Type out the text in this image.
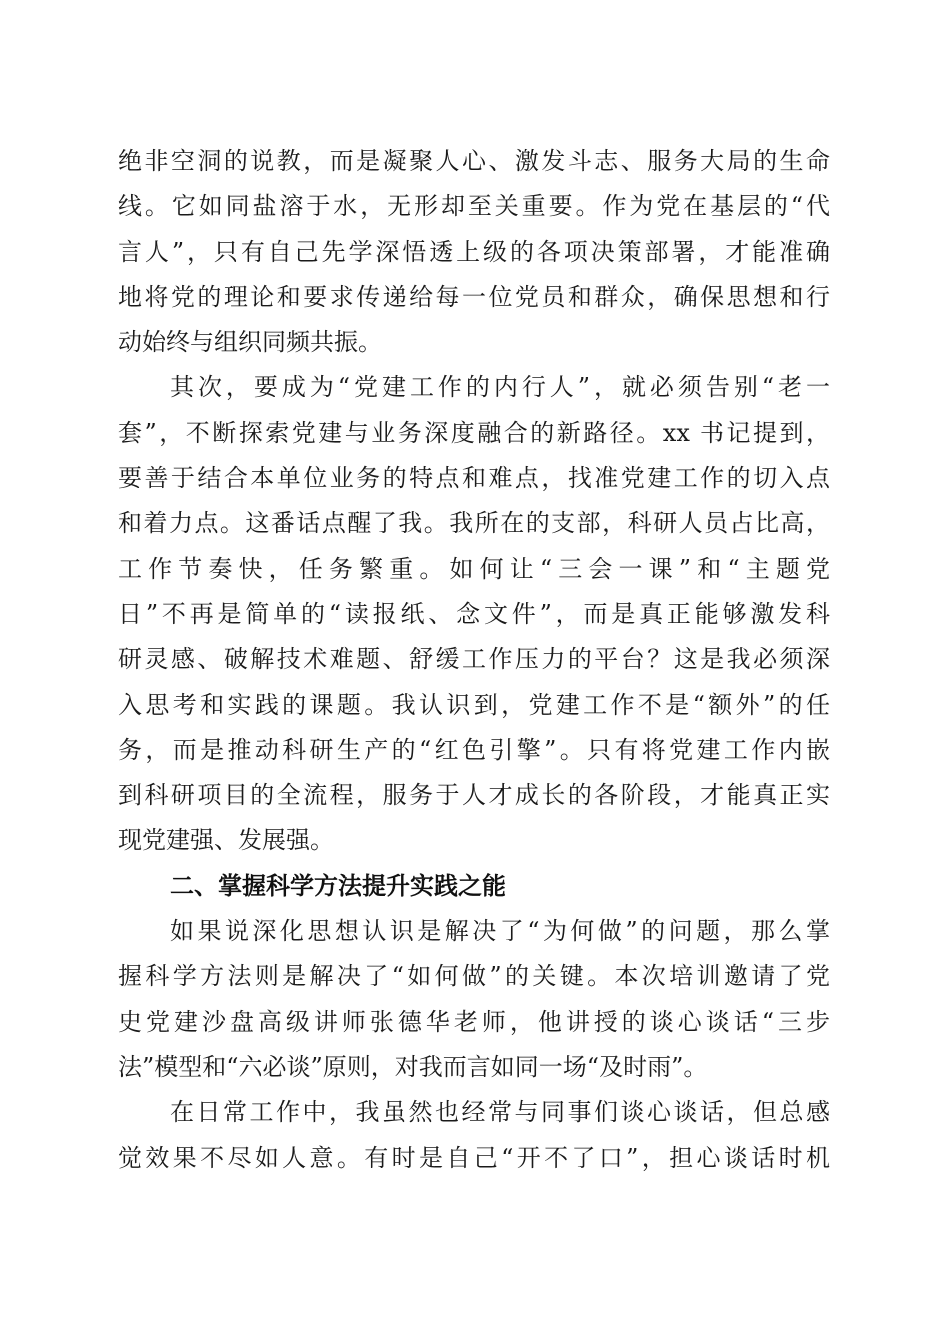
绝非空洞的说教，而是凝聚人心、激发斗志、服务大局的生命
线。它如同盐溶于水，无形却至关重要。作为党在基层的“代
言人”，只有自己先学深悟透上级的各项决策部署，才能准确
地将党的理论和要求传递给每一位党员和群众，确保思想和行
动始终与组织同频共振。
其次，要成为“党建工作的内行人”，就必须告别“老一
套”，不断探索党建与业务深度融合的新路径。xx 书记提到，
要善于结合本单位业务的特点和难点，找准党建工作的切入点
和着力点。这番话点醒了我。我所在的支部，科研人员占比高，
工作节奏快，任务繁重。如何让“三会一课”和“主题党
日”不再是简单的“读报纸、念文件”，而是真正能够激发科
研灵感、破解技术难题、舒缓工作压力的平台？这是我必须深
入思考和实践的课题。我认识到，党建工作不是“额外”的任
务，而是推动科研生产的“红色引擎”。只有将党建工作内嵌
到科研项目的全流程，服务于人才成长的各阶段，才能真正实
现党建强、发展强。
二、掌握科学方法提升实践之能
如果说深化思想认识是解决了“为何做”的问题，那么掌
握科学方法则是解决了“如何做”的关键。本次培训邀请了党
史党建沙盘高级讲师张德华老师，他讲授的谈心谈话“三步
法”模型和“六必谈”原则，对我而言如同一场“及时雨”。
在日常工作中，我虽然也经常与同事们谈心谈话，但总感
觉效果不尽如人意。有时是自己“开不了口”，担心谈话时机
